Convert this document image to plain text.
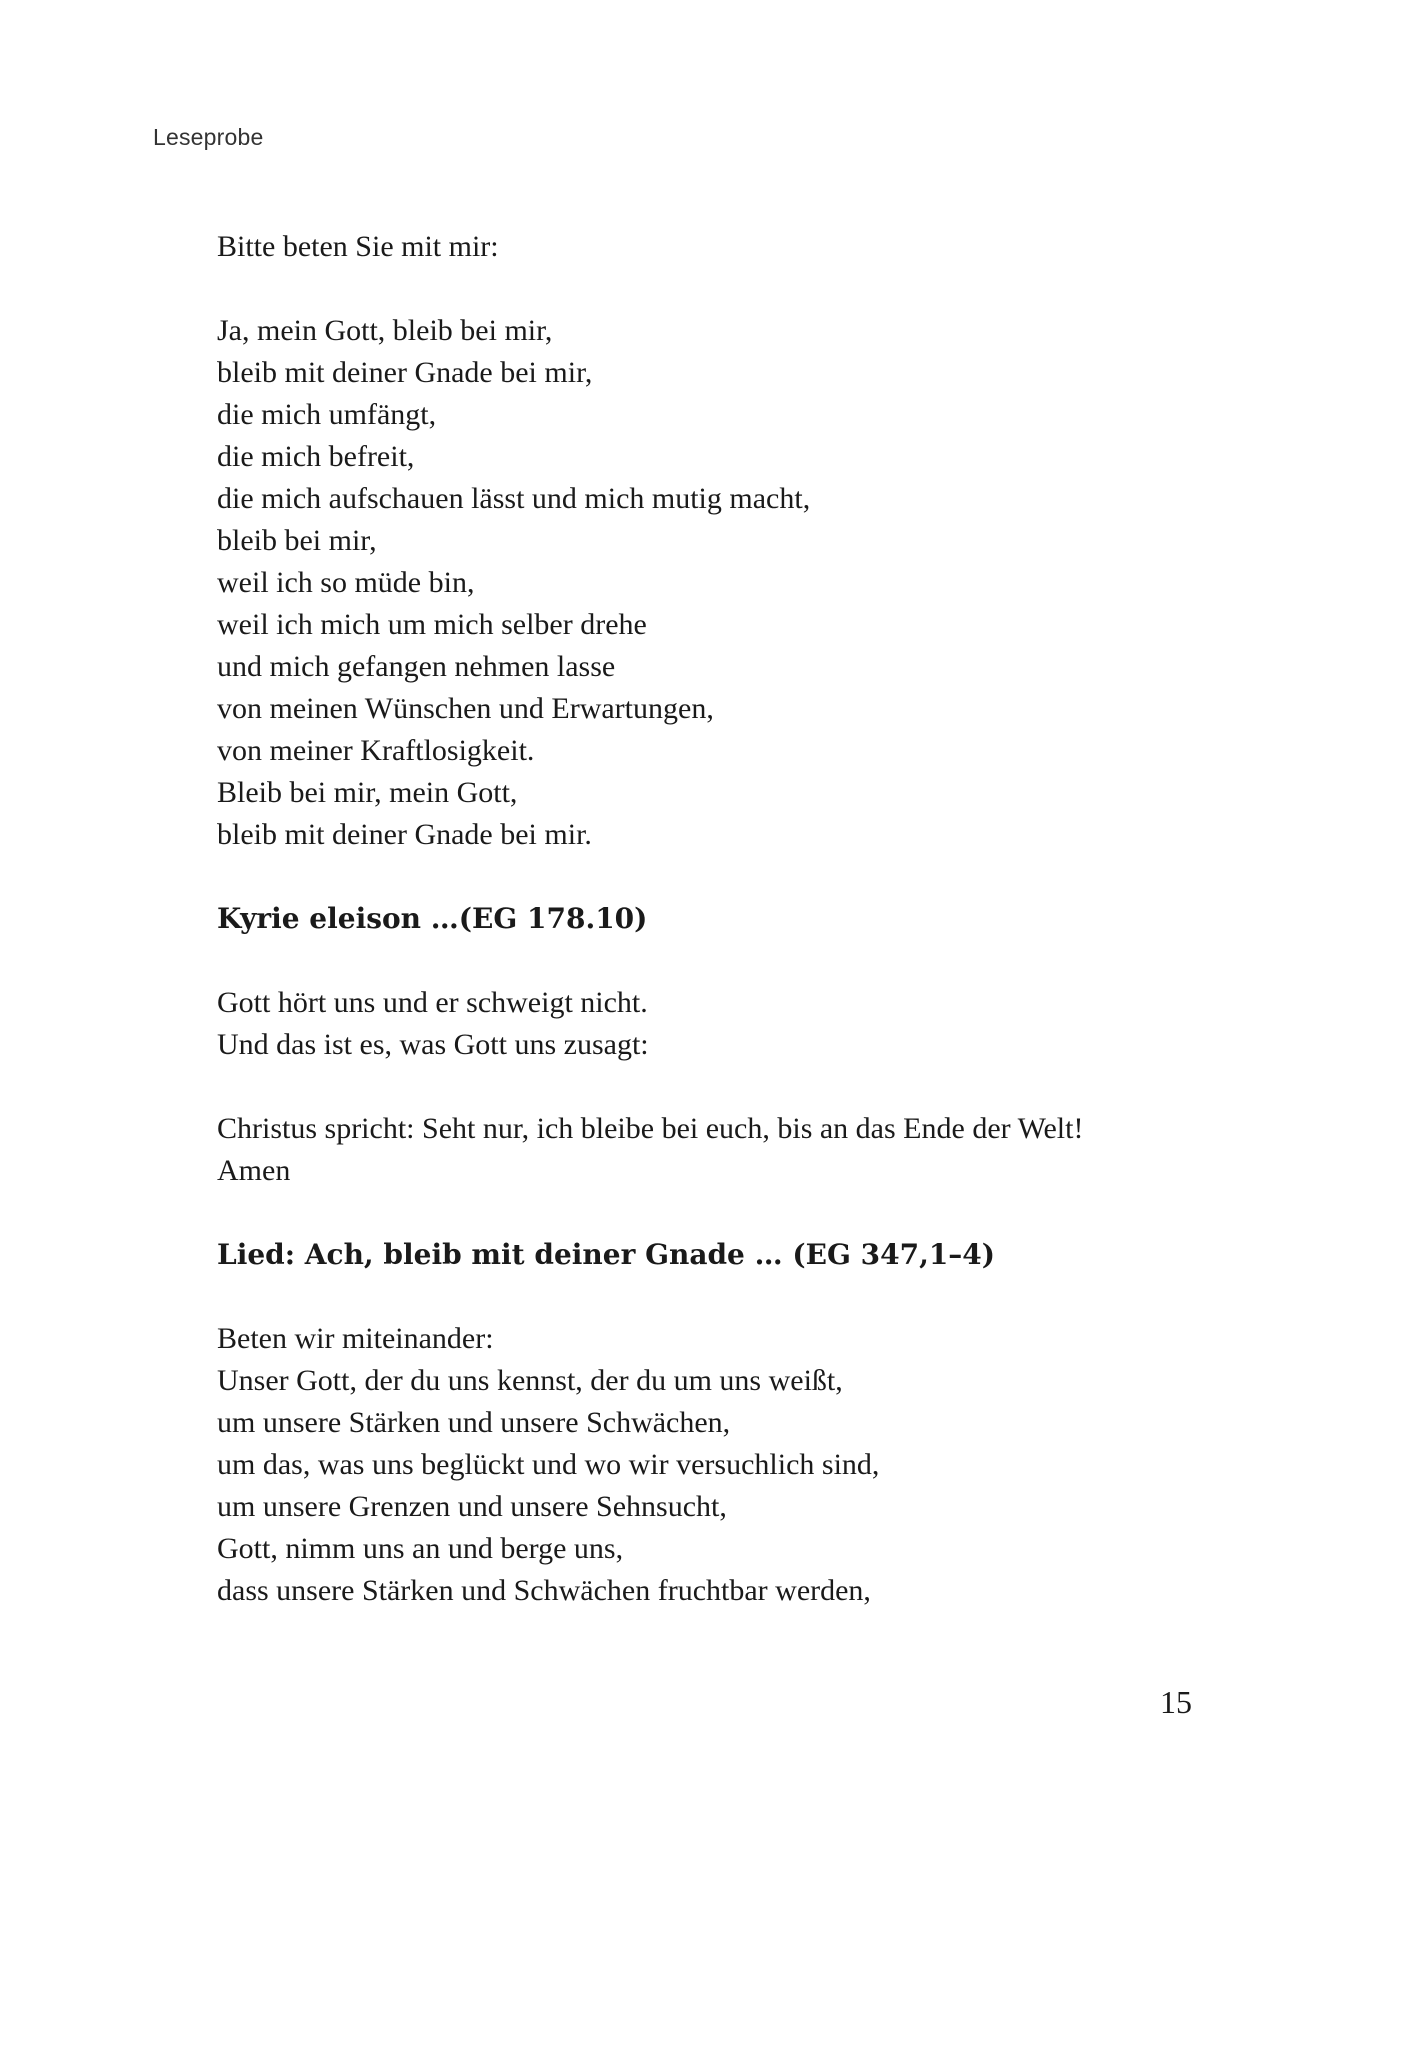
Leseprobe

Bitte beten Sie mit mir:

Ja, mein Gott, bleib bei mir,

bleib mit deiner Gnade bei mir,

die mich umfängt,

die mich befreit,

die mich aufschauen lässt und mich mutig macht,

bleib bei mir,

weil ich so müde bin,

weil ich mich um mich selber drehe

und mich gefangen nehmen lasse

von meinen Wünschen und Erwartungen,

von meiner Kraftlosigkeit.

Bleib bei mir, mein Gott,

bleib mit deiner Gnade bei mir.

Kyrie eleison …(EG 178.10)

Gott hört uns und er schweigt nicht.

Und das ist es, was Gott uns zusagt:

Christus spricht: Seht nur, ich bleibe bei euch, bis an das Ende der Welt!

Amen

Lied: Ach, bleib mit deiner Gnade … (EG 347,1–4)

Beten wir miteinander:

Unser Gott, der du uns kennst, der du um uns weißt,

um unsere Stärken und unsere Schwächen,

um das, was uns beglückt und wo wir versuchlich sind,

um unsere Grenzen und unsere Sehnsucht,

Gott, nimm uns an und berge uns,

dass unsere Stärken und Schwächen fruchtbar werden,

15
